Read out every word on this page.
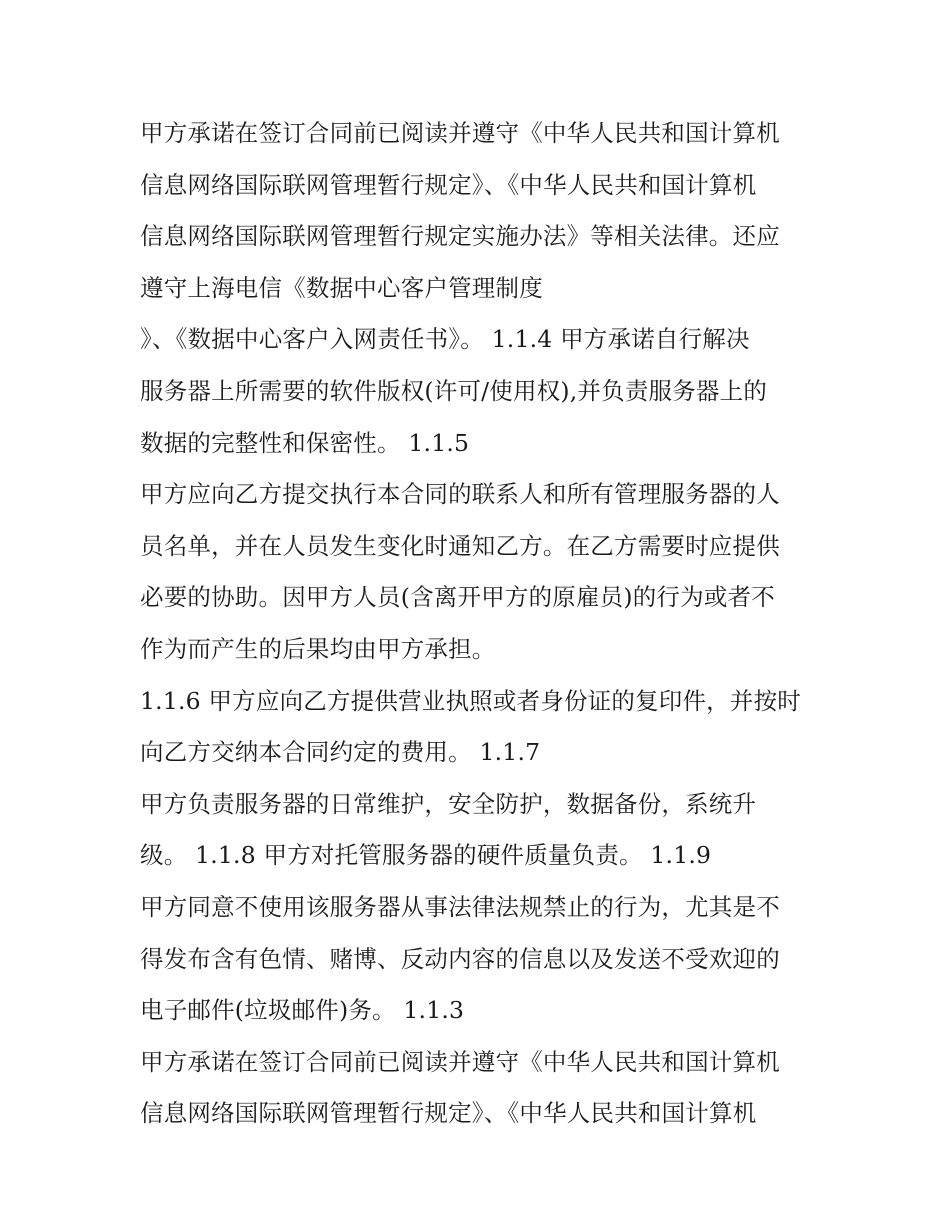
甲方承诺在签订合同前已阅读并遵守《中华人民共和国计算机
信息网络国际联网管理暂行规定》、《中华人民共和国计算机
信息网络国际联网管理暂行规定实施办法》等相关法律。还应
遵守上海电信《数据中心客户管理制度
》、《数据中心客户入网责任书》。 1.1.4 甲方承诺自行解决
服务器上所需要的软件版权(许可/使用权),并负责服务器上的
数据的完整性和保密性。 1.1.5
甲方应向乙方提交执行本合同的联系人和所有管理服务器的人
员名单，并在人员发生变化时通知乙方。在乙方需要时应提供
必要的协助。因甲方人员(含离开甲方的原雇员)的行为或者不
作为而产生的后果均由甲方承担。
1.1.6 甲方应向乙方提供营业执照或者身份证的复印件，并按时
向乙方交纳本合同约定的费用。 1.1.7
甲方负责服务器的日常维护，安全防护，数据备份，系统升
级。 1.1.8 甲方对托管服务器的硬件质量负责。 1.1.9
甲方同意不使用该服务器从事法律法规禁止的行为，尤其是不
得发布含有色情、赌博、反动内容的信息以及发送不受欢迎的
电子邮件(垃圾邮件)务。 1.1.3
甲方承诺在签订合同前已阅读并遵守《中华人民共和国计算机
信息网络国际联网管理暂行规定》、《中华人民共和国计算机
